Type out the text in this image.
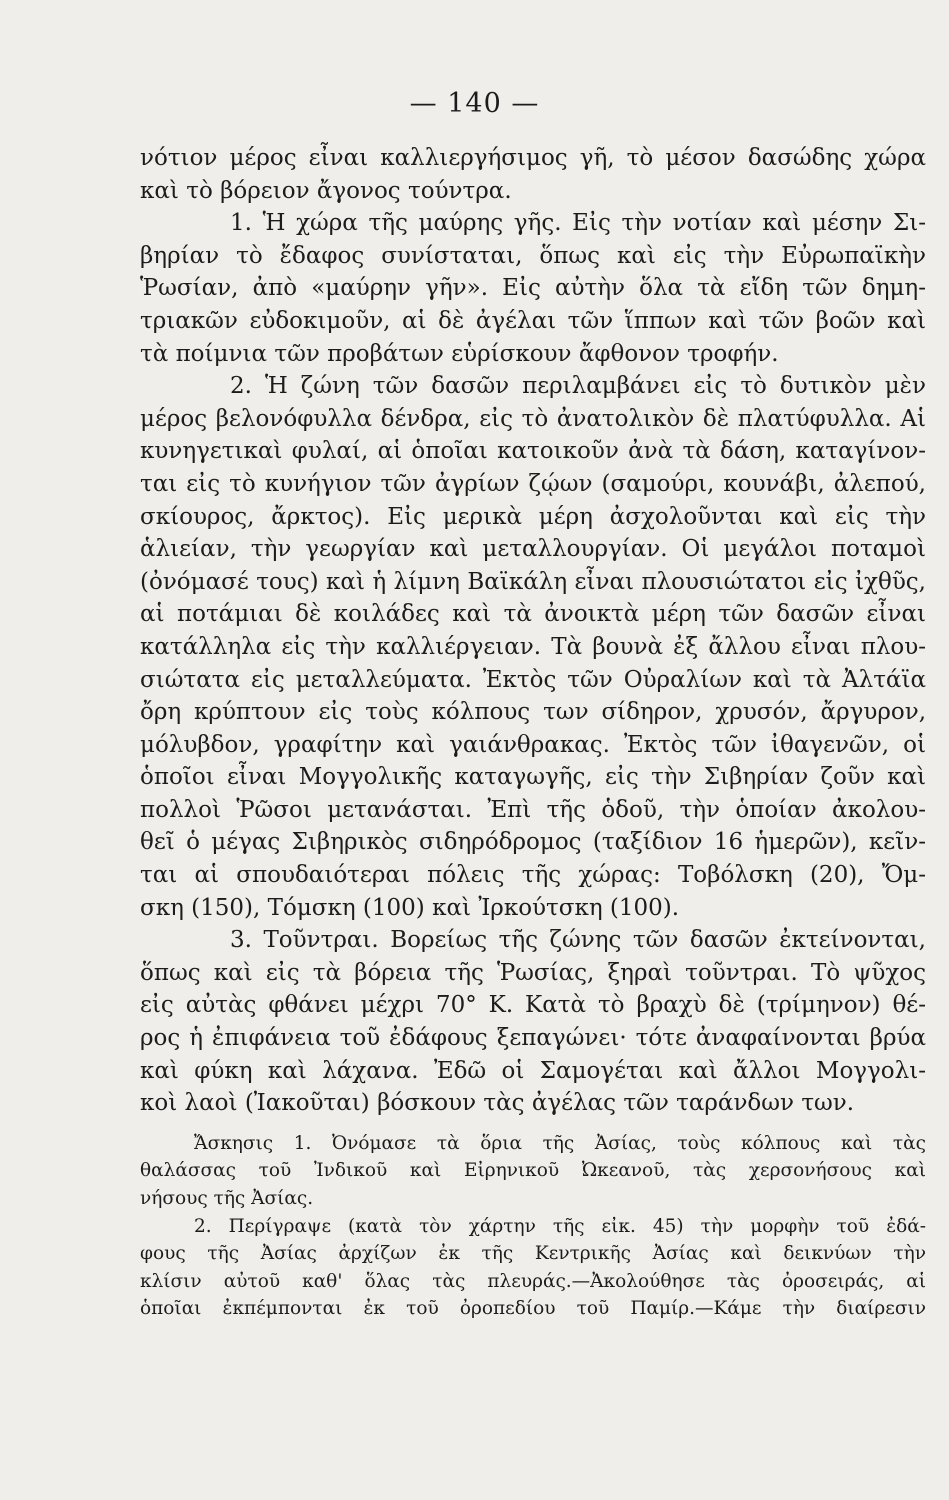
— 140 —
νότιον μέρος εἶναι καλλιεργήσιμος γῆ, τὸ μέσον δασώδης χώρα
καὶ τὸ βόρειον ἄγονος τούντρα.
1. Ἡ χώρα τῆς μαύρης γῆς. Εἰς τὴν νοτίαν καὶ μέσην Σι-
βηρίαν τὸ ἔδαφος συνίσταται, ὅπως καὶ εἰς τὴν Εὐρωπαϊκὴν
Ῥωσίαν, ἀπὸ «μαύρην γῆν». Εἰς αὐτὴν ὅλα τὰ εἴδη τῶν δημη-
τριακῶν εὐδοκιμοῦν, αἱ δὲ ἀγέλαι τῶν ἵππων καὶ τῶν βοῶν καὶ
τὰ ποίμνια τῶν προβάτων εὑρίσκουν ἄφθονον τροφήν.
2. Ἡ ζώνη τῶν δασῶν περιλαμβάνει εἰς τὸ δυτικὸν μὲν
μέρος βελονόφυλλα δένδρα, εἰς τὸ ἀνατολικὸν δὲ πλατύφυλλα. Αἱ
κυνηγετικαὶ φυλαί, αἱ ὁποῖαι κατοικοῦν ἀνὰ τὰ δάση, καταγίνον-
ται εἰς τὸ κυνήγιον τῶν ἀγρίων ζῴων (σαμούρι, κουνάβι, ἀλεπού,
σκίουρος, ἄρκτος). Εἰς μερικὰ μέρη ἀσχολοῦνται καὶ εἰς τὴν
ἁλιείαν, τὴν γεωργίαν καὶ μεταλλουργίαν. Οἱ μεγάλοι ποταμοὶ
(ὀνόμασέ τους) καὶ ἡ λίμνη Βαϊκάλη εἶναι πλουσιώτατοι εἰς ἰχθῦς,
αἱ ποτάμιαι δὲ κοιλάδες καὶ τὰ ἀνοικτὰ μέρη τῶν δασῶν εἶναι
κατάλληλα εἰς τὴν καλλιέργειαν. Τὰ βουνὰ ἐξ ἄλλου εἶναι πλου-
σιώτατα εἰς μεταλλεύματα. Ἐκτὸς τῶν Οὐραλίων καὶ τὰ Ἀλτάϊα
ὄρη κρύπτουν εἰς τοὺς κόλπους των σίδηρον, χρυσόν, ἄργυρον,
μόλυβδον, γραφίτην καὶ γαιάνθρακας. Ἐκτὸς τῶν ἰθαγενῶν, οἱ
ὁποῖοι εἶναι Μογγολικῆς καταγωγῆς, εἰς τὴν Σιβηρίαν ζοῦν καὶ
πολλοὶ Ῥῶσοι μετανάσται. Ἐπὶ τῆς ὁδοῦ, τὴν ὁποίαν ἀκολου-
θεῖ ὁ μέγας Σιβηρικὸς σιδηρόδρομος (ταξίδιον 16 ἡμερῶν), κεῖν-
ται αἱ σπουδαιότεραι πόλεις τῆς χώρας: Τοβόλσκη (20), Ὄμ-
σκη (150), Τόμσκη (100) καὶ Ἰρκούτσκη (100).
3. Τοῦντραι. Βορείως τῆς ζώνης τῶν δασῶν ἐκτείνονται,
ὅπως καὶ εἰς τὰ βόρεια τῆς Ῥωσίας, ξηραὶ τοῦντραι. Τὸ ψῦχος
εἰς αὐτὰς φθάνει μέχρι 70° Κ. Κατὰ τὸ βραχὺ δὲ (τρίμηνον) θέ-
ρος ἡ ἐπιφάνεια τοῦ ἐδάφους ξεπαγώνει· τότε ἀναφαίνονται βρύα
καὶ φύκη καὶ λάχανα. Ἐδῶ οἱ Σαμογέται καὶ ἄλλοι Μογγολι-
κοὶ λαοὶ (Ἰακοῦται) βόσκουν τὰς ἀγέλας τῶν ταράνδων των.
Ἄσκησις 1. Ὀνόμασε τὰ ὅρια τῆς Ἀσίας, τοὺς κόλπους καὶ τὰς
θαλάσσας τοῦ Ἰνδικοῦ καὶ Εἰρηνικοῦ Ὠκεανοῦ, τὰς χερσονήσους καὶ
νήσους τῆς Ἀσίας.
2. Περίγραψε (κατὰ τὸν χάρτην τῆς εἰκ. 45) τὴν μορφὴν τοῦ ἐδά-
φους τῆς Ἀσίας ἀρχίζων ἐκ τῆς Κεντρικῆς Ἀσίας καὶ δεικνύων τὴν
κλίσιν αὐτοῦ καθ' ὅλας τὰς πλευράς.—Ἀκολούθησε τὰς ὀροσειράς, αἱ
ὁποῖαι ἐκπέμπονται ἐκ τοῦ ὀροπεδίου τοῦ Παμίρ.—Κάμε τὴν διαίρεσιν
